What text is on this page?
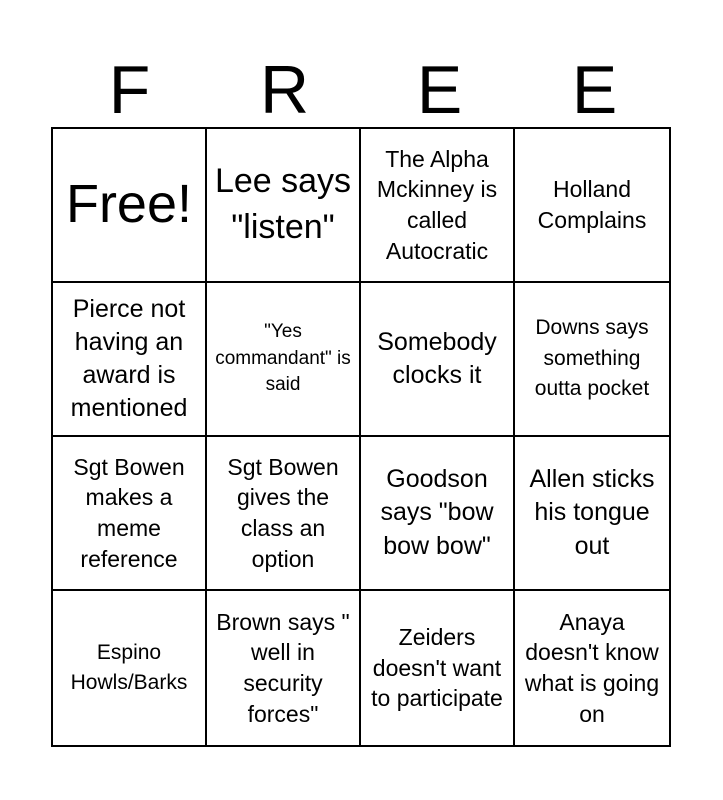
F	R	E	E
Free! Lee says "listen"
The Alpha Mckinney is called Autocratic
Holland Complains
Pierce not having an award is mentioned
"Yes commandant" is said
Somebody clocks it
Downs says something outta pocket
Sgt Bowen makes a meme reference
Sgt Bowen gives the class an option
Goodson says "bow bow bow"
Allen sticks his tongue out
Espino Howls/Barks
Brown says " well in security forces"
Zeiders doesn't want to participate
Anaya doesn't know what is going on
